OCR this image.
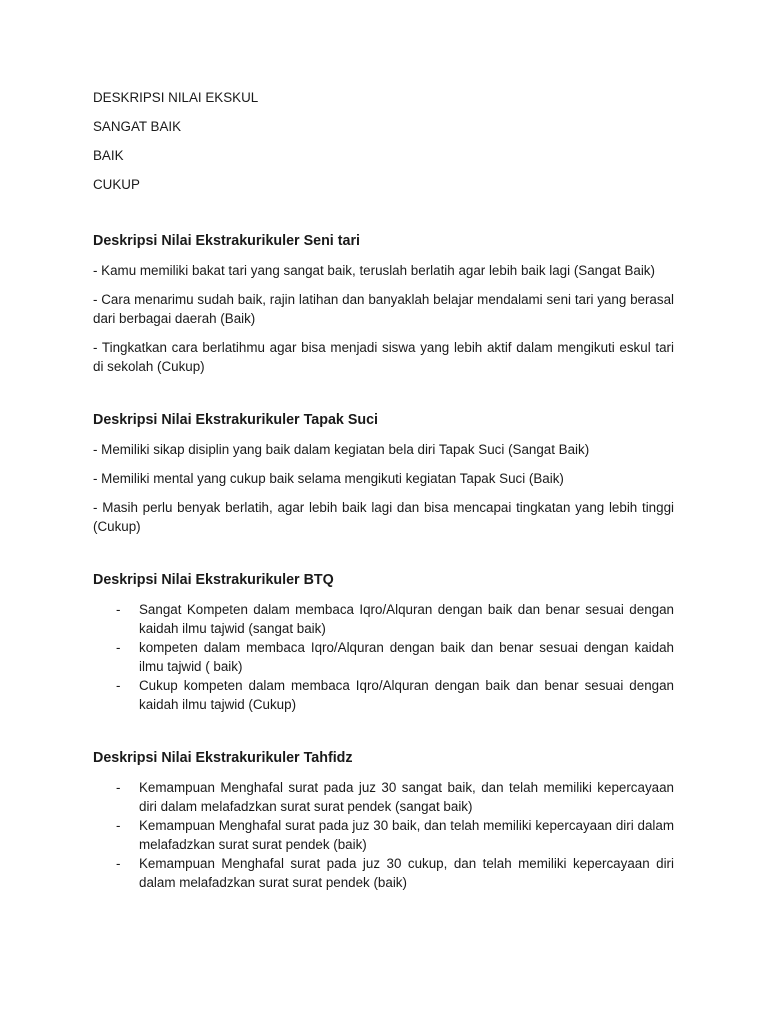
DESKRIPSI NILAI EKSKUL

SANGAT BAIK

BAIK

CUKUP

Deskripsi Nilai Ekstrakurikuler Seni tari

- Kamu memiliki bakat tari yang sangat baik, teruslah berlatih agar lebih baik lagi (Sangat Baik)

- Cara menarimu sudah baik, rajin latihan dan banyaklah belajar mendalami seni tari yang berasal dari berbagai daerah (Baik)

- Tingkatkan cara berlatihmu agar bisa menjadi siswa yang lebih aktif dalam mengikuti eskul tari di sekolah (Cukup)

Deskripsi Nilai Ekstrakurikuler Tapak Suci

- Memiliki sikap disiplin yang baik dalam kegiatan bela diri Tapak Suci (Sangat Baik)

- Memiliki mental yang cukup baik selama mengikuti kegiatan Tapak Suci (Baik)

- Masih perlu benyak berlatih, agar lebih baik lagi dan bisa mencapai tingkatan yang lebih tinggi (Cukup)

Deskripsi Nilai Ekstrakurikuler BTQ
- Sangat Kompeten dalam membaca Iqro/Alquran dengan baik dan benar sesuai dengan kaidah ilmu tajwid (sangat baik)
- kompeten dalam membaca Iqro/Alquran dengan baik dan benar sesuai dengan kaidah ilmu tajwid ( baik)
- Cukup kompeten dalam membaca Iqro/Alquran dengan baik dan benar sesuai dengan kaidah ilmu tajwid (Cukup)
Deskripsi Nilai Ekstrakurikuler Tahfidz
- Kemampuan Menghafal surat pada juz 30 sangat baik, dan telah memiliki kepercayaan diri dalam melafadzkan surat surat pendek (sangat baik)
- Kemampuan Menghafal surat pada juz 30 baik, dan telah memiliki kepercayaan diri dalam melafadzkan surat surat pendek (baik)
- Kemampuan Menghafal surat pada juz 30 cukup, dan telah memiliki kepercayaan diri dalam melafadzkan surat surat pendek (baik)
